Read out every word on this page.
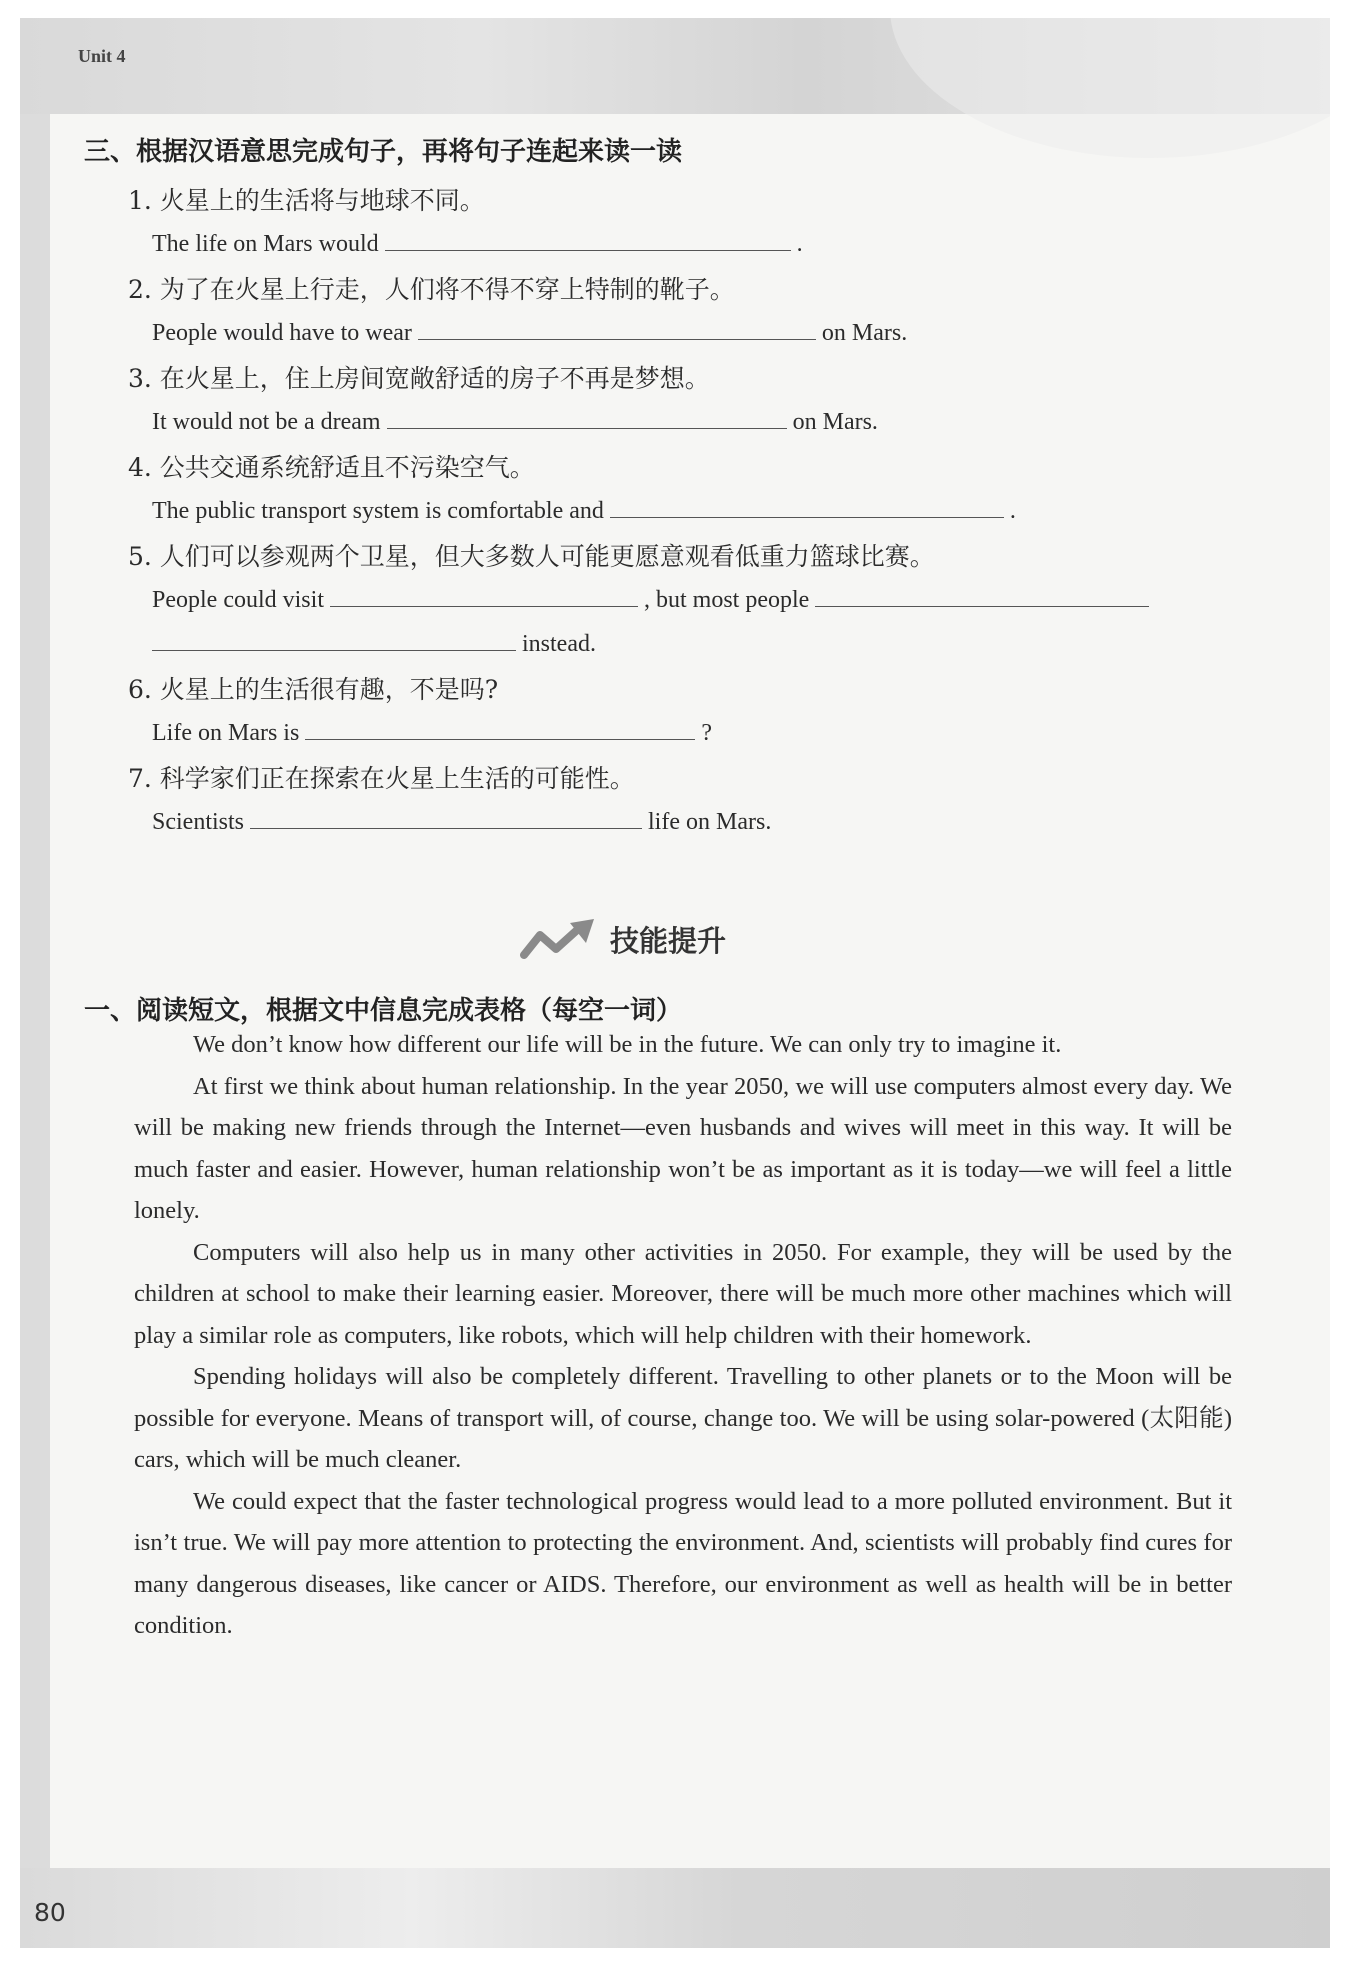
Unit 4
三、根据汉语意思完成句子，再将句子连起来读一读
1. 火星上的生活将与地球不同。
The life on Mars would	.
2. 为了在火星上行走，人们将不得不穿上特制的靴子。
People would have to wear	on Mars.
3. 在火星上，住上房间宽敞舒适的房子不再是梦想。
It would not be a dream	on Mars.
4. 公共交通系统舒适且不污染空气。
The public transport system is comfortable and	.
5. 人们可以参观两个卫星，但大多数人可能更愿意观看低重力篮球比赛。
People could visit	, but most people
instead.
6. 火星上的生活很有趣，不是吗?
Life on Mars is	?
7. 科学家们正在探索在火星上生活的可能性。
Scientists	life on Mars.
技能提升
一、阅读短文，根据文中信息完成表格（每空一词）

We don’t know how different our life will be in the future. We can only try to imagine it.

At first we think about human relationship. In the year 2050, we will use computers almost every day. We will be making new friends through the Internet—even husbands and wives will meet in this way. It will be much faster and easier. However, human relationship won’t be as important as it is today—we will feel a little lonely.

Computers will also help us in many other activities in 2050. For example, they will be used by the children at school to make their learning easier. Moreover, there will be much more other machines which will play a similar role as computers, like robots, which will help children with their homework.

Spending holidays will also be completely different. Travelling to other planets or to the Moon will be possible for everyone. Means of transport will, of course, change too. We will be using solar-powered (太阳能) cars, which will be much cleaner.

We could expect that the faster technological progress would lead to a more polluted environment. But it isn’t true. We will pay more attention to protecting the environment. And, scientists will probably find cures for many dangerous diseases, like cancer or AIDS. Therefore, our environment as well as health will be in better condition.

80
